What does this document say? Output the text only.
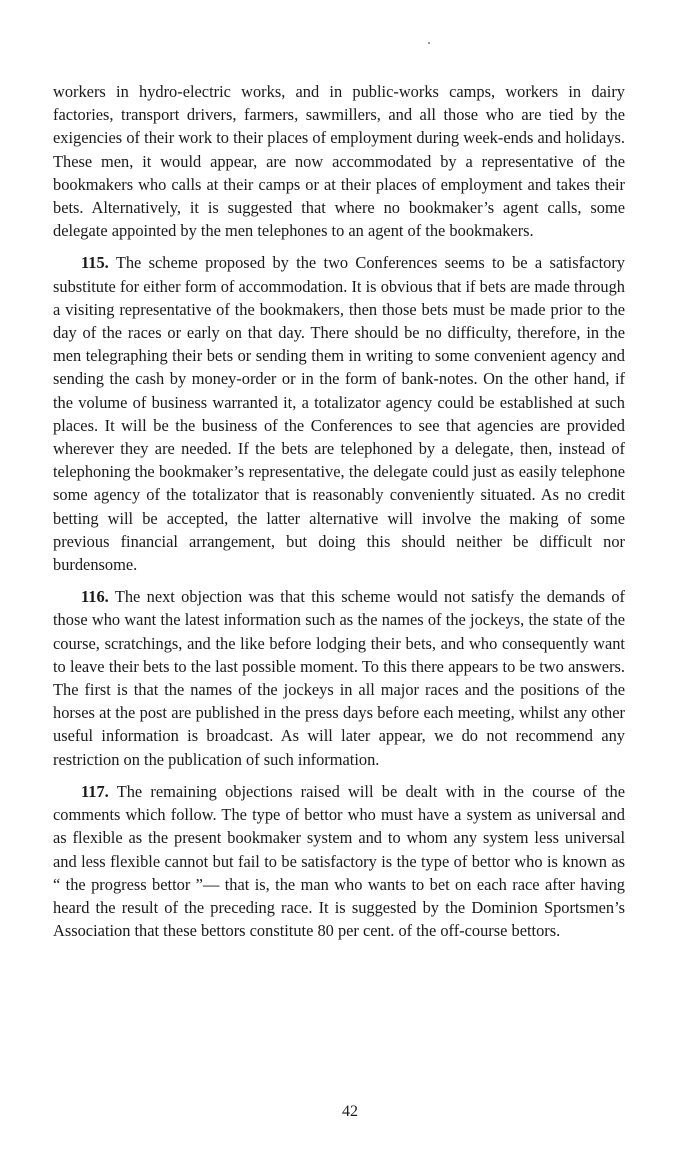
workers in hydro-electric works, and in public-works camps, workers in dairy factories, transport drivers, farmers, sawmillers, and all those who are tied by the exigencies of their work to their places of employment during week-ends and holidays. These men, it would appear, are now accommodated by a representative of the bookmakers who calls at their camps or at their places of employment and takes their bets. Alternatively, it is suggested that where no bookmaker’s agent calls, some delegate appointed by the men telephones to an agent of the bookmakers.

115. The scheme proposed by the two Conferences seems to be a satisfactory substitute for either form of accommodation. It is obvious that if bets are made through a visiting representative of the bookmakers, then those bets must be made prior to the day of the races or early on that day. There should be no difficulty, therefore, in the men telegraphing their bets or sending them in writing to some convenient agency and sending the cash by money-order or in the form of bank-notes. On the other hand, if the volume of business warranted it, a totalizator agency could be established at such places. It will be the business of the Conferences to see that agencies are provided wherever they are needed. If the bets are telephoned by a delegate, then, instead of telephoning the bookmaker’s representative, the delegate could just as easily telephone some agency of the totalizator that is reasonably conveniently situated. As no credit betting will be accepted, the latter alternative will involve the making of some previous financial arrangement, but doing this should neither be difficult nor burdensome.

116. The next objection was that this scheme would not satisfy the demands of those who want the latest information such as the names of the jockeys, the state of the course, scratchings, and the like before lodging their bets, and who consequently want to leave their bets to the last possible moment. To this there appears to be two answers. The first is that the names of the jockeys in all major races and the positions of the horses at the post are published in the press days before each meeting, whilst any other useful information is broadcast. As will later appear, we do not recommend any restriction on the publication of such information.

117. The remaining objections raised will be dealt with in the course of the comments which follow. The type of bettor who must have a system as universal and as flexible as the present bookmaker system and to whom any system less universal and less flexible cannot but fail to be satisfactory is the type of bettor who is known as “ the progress bettor ”— that is, the man who wants to bet on each race after having heard the result of the preceding race. It is suggested by the Dominion Sportsmen’s Association that these bettors constitute 80 per cent. of the off-course bettors.

42
